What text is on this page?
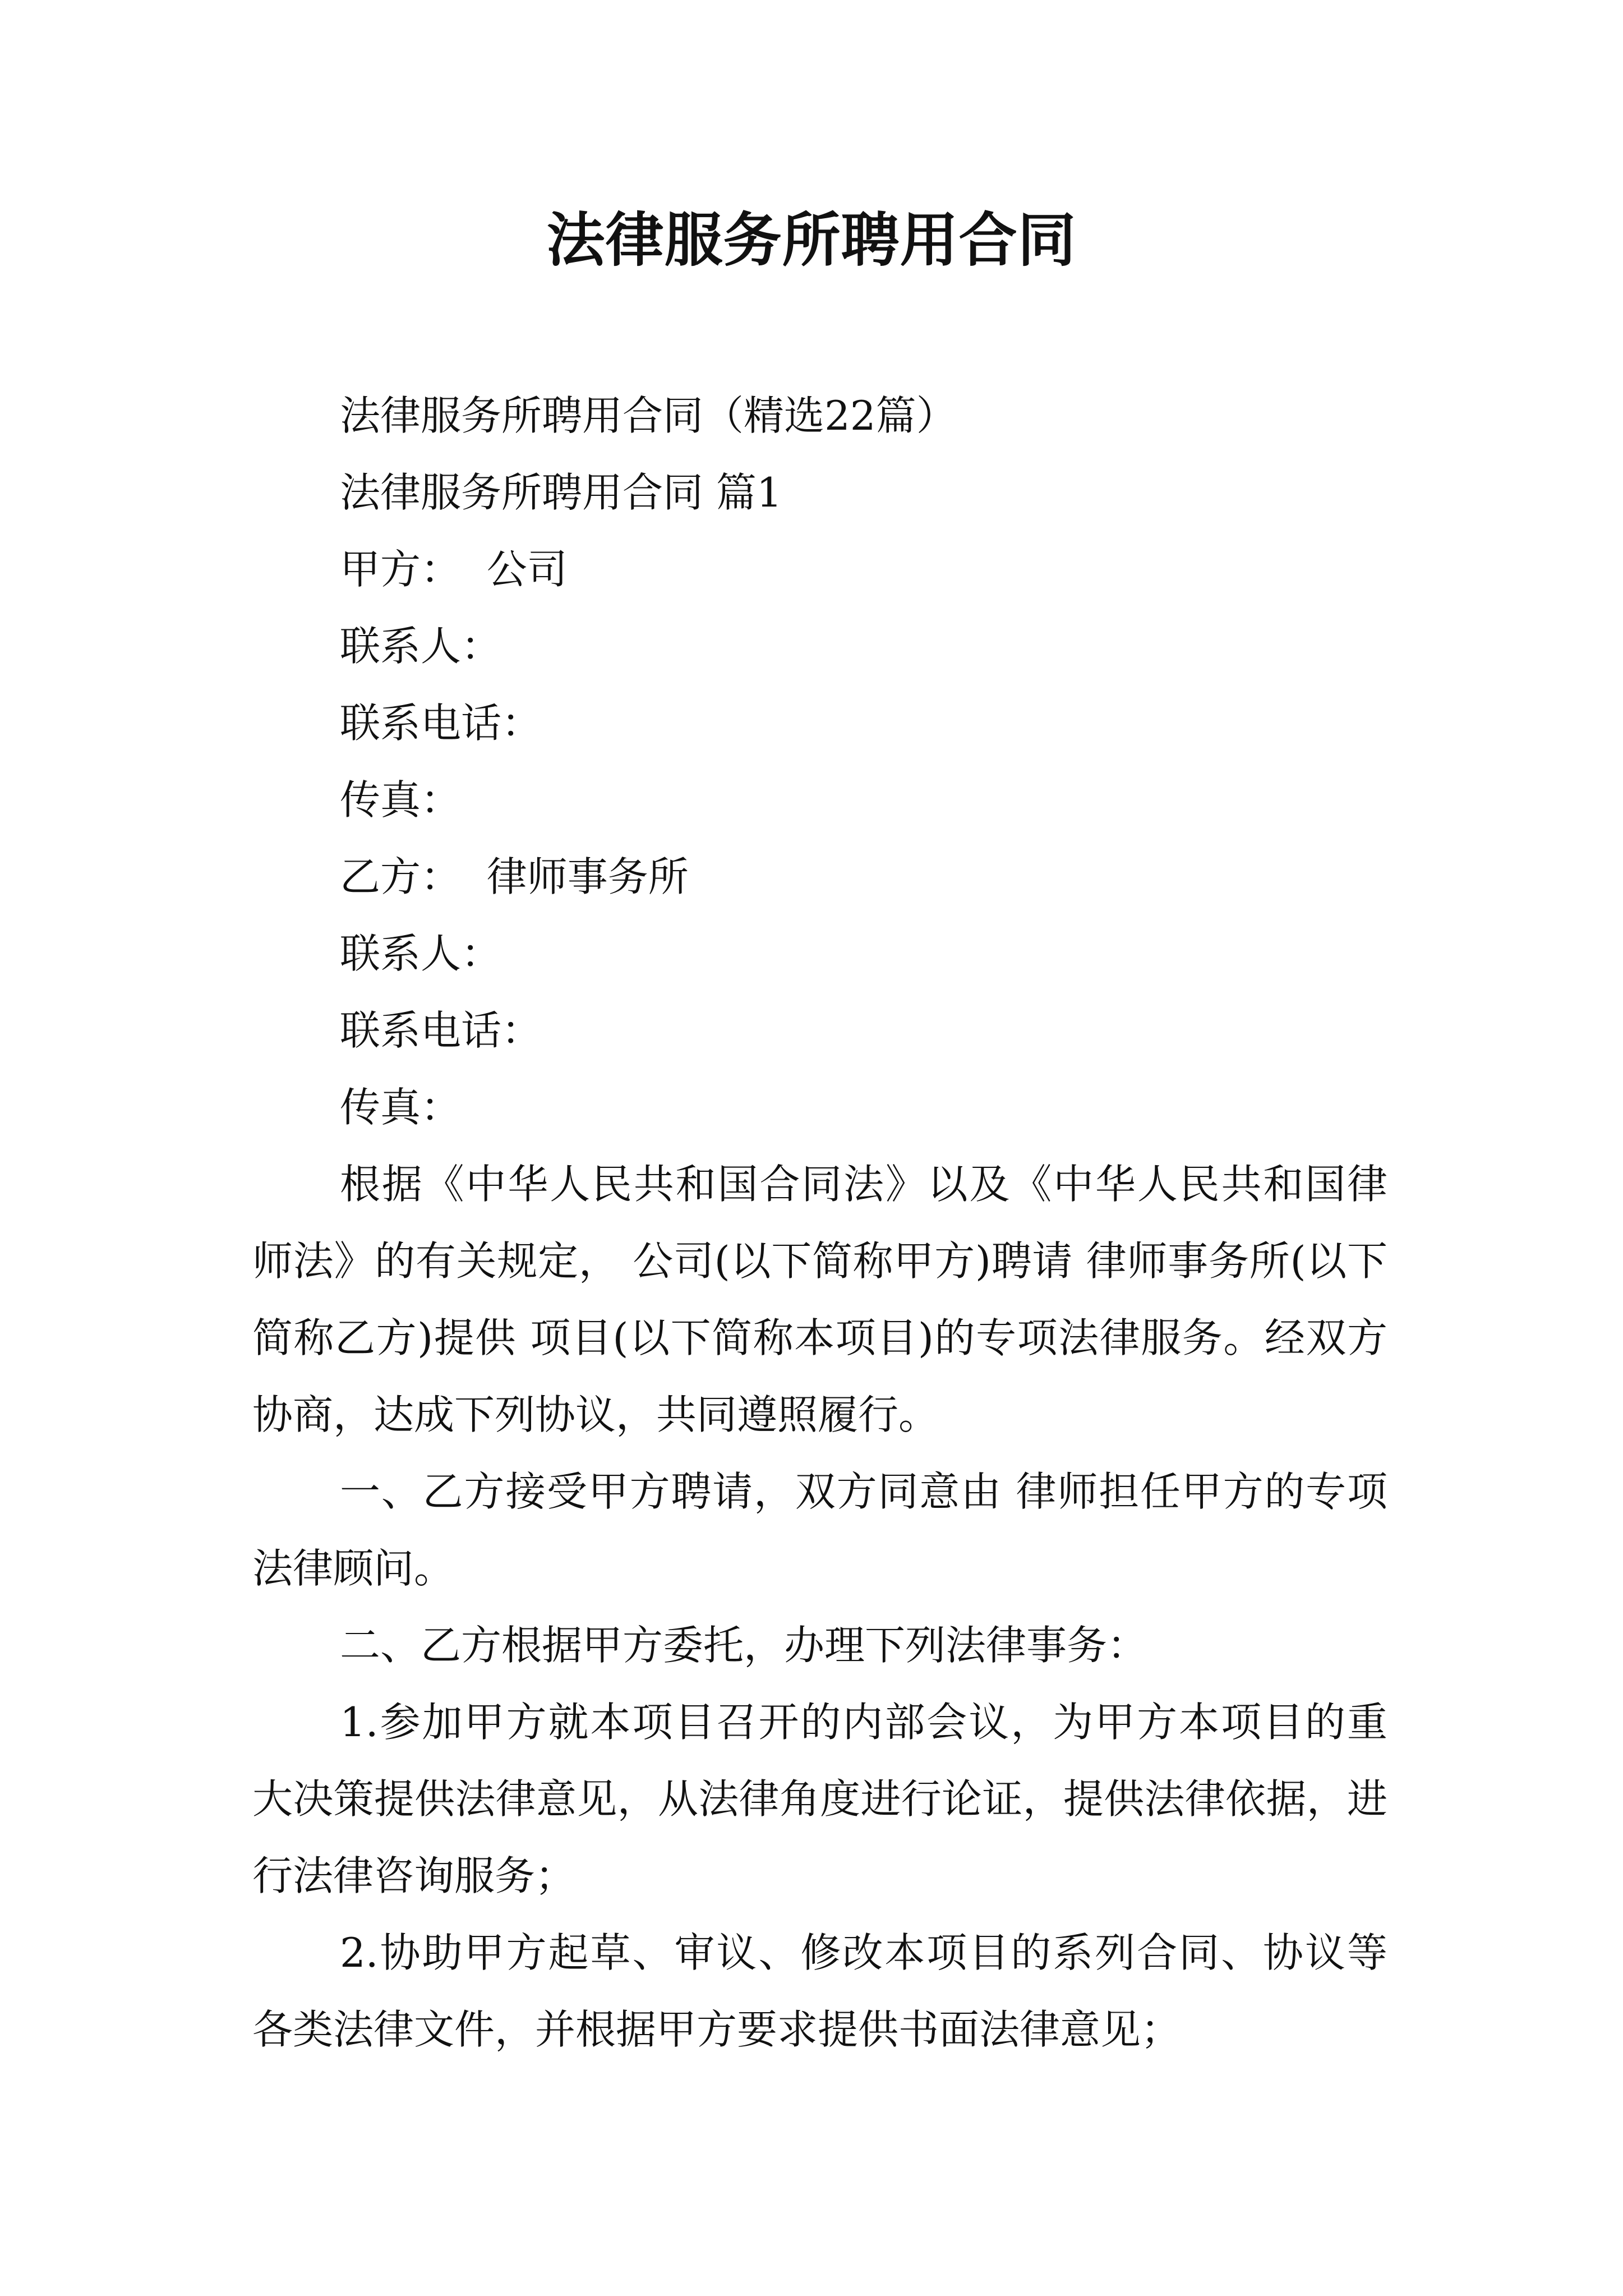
法律服务所聘用合同

法律服务所聘用合同（精选22篇）

法律服务所聘用合同 篇1

甲方：  公司

联系人：

联系电话：

传真：

乙方：  律师事务所

联系人：

联系电话：

传真：

根据《中华人民共和国合同法》以及《中华人民共和国律师法》的有关规定， 公司(以下简称甲方)聘请 律师事务所(以下简称乙方)提供 项目(以下简称本项目)的专项法律服务。经双方协商，达成下列协议，共同遵照履行。

一、乙方接受甲方聘请，双方同意由 律师担任甲方的专项法律顾问。

二、乙方根据甲方委托，办理下列法律事务：

1.参加甲方就本项目召开的内部会议，为甲方本项目的重大决策提供法律意见，从法律角度进行论证，提供法律依据，进行法律咨询服务；

2.协助甲方起草、审议、修改本项目的系列合同、协议等各类法律文件，并根据甲方要求提供书面法律意见；
